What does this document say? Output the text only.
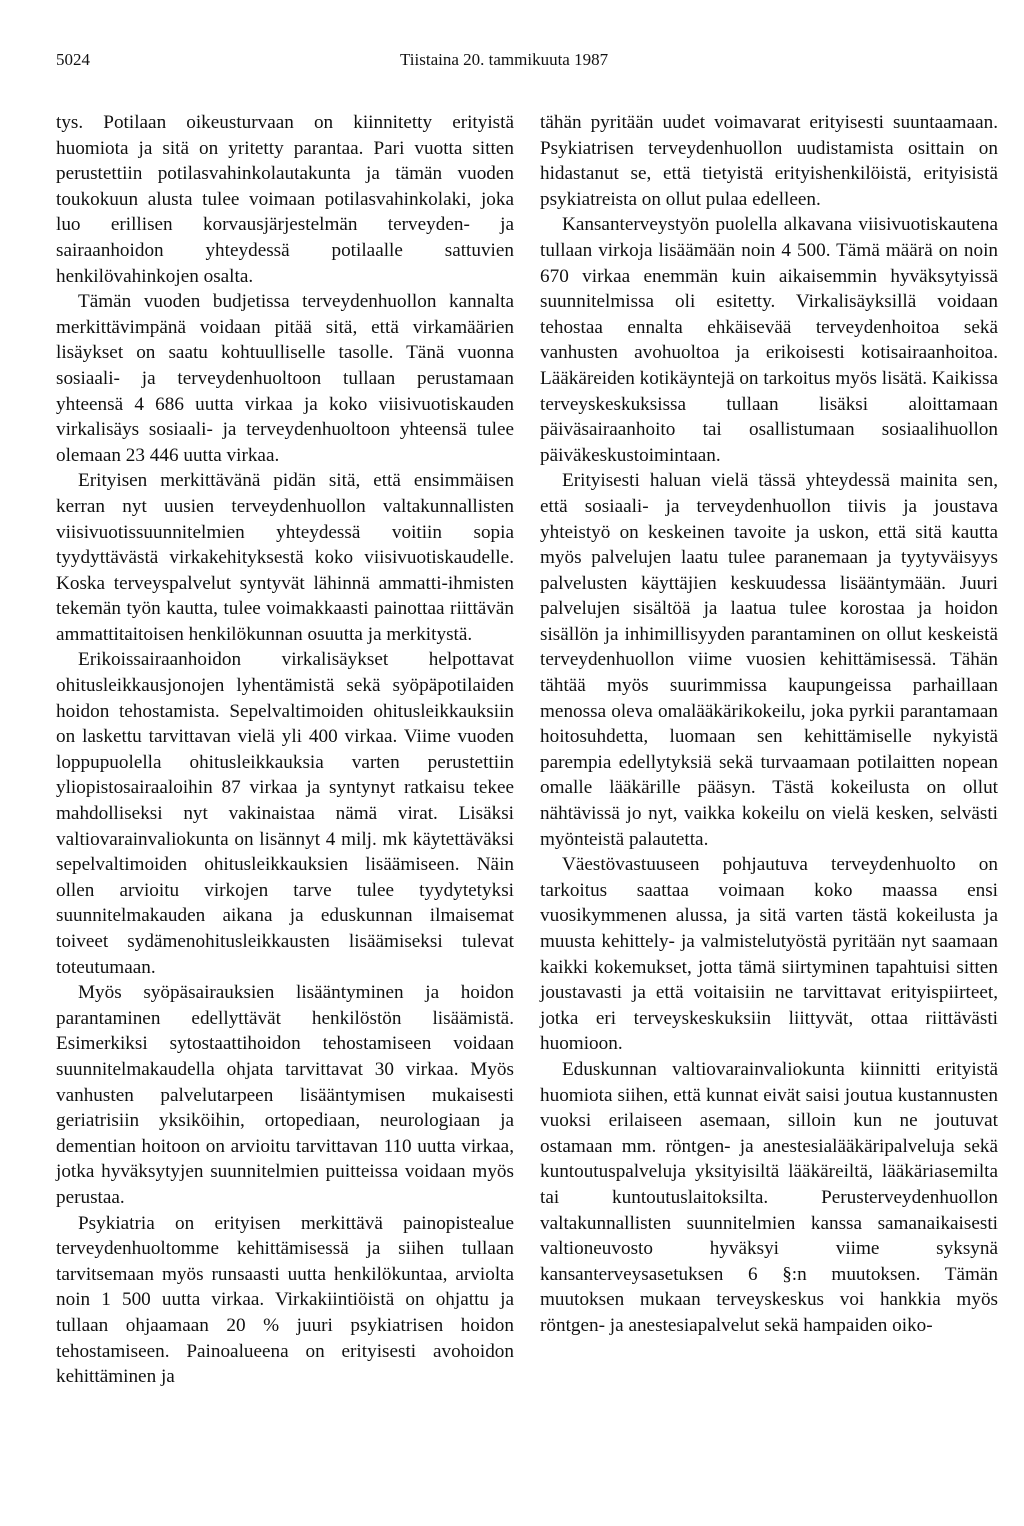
5024	Tiistaina 20. tammikuuta 1987

tys. Potilaan oikeusturvaan on kiinnitetty erityistä huomiota ja sitä on yritetty parantaa. Pari vuotta sitten perustettiin potilasvahinkolautakunta ja tämän vuoden toukokuun alusta tulee voimaan potilasvahinkolaki, joka luo erillisen korvausjärjestelmän terveyden- ja sairaanhoidon yhteydessä potilaalle sattuvien henkilövahinkojen osalta.

Tämän vuoden budjetissa terveydenhuollon kannalta merkittävimpänä voidaan pitää sitä, että virkamäärien lisäykset on saatu kohtuulliselle tasolle. Tänä vuonna sosiaali- ja terveydenhuoltoon tullaan perustamaan yhteensä 4 686 uutta virkaa ja koko viisivuotiskauden virkalisäys sosiaali- ja terveydenhuoltoon yhteensä tulee olemaan 23 446 uutta virkaa.

Erityisen merkittävänä pidän sitä, että ensimmäisen kerran nyt uusien terveydenhuollon valtakunnallisten viisivuotissuunnitelmien yhteydessä voitiin sopia tyydyttävästä virkakehityksestä koko viisivuotiskaudelle. Koska terveyspalvelut syntyvät lähinnä ammatti-ihmisten tekemän työn kautta, tulee voimakkaasti painottaa riittävän ammattitaitoisen henkilökunnan osuutta ja merkitystä.

Erikoissairaanhoidon virkalisäykset helpottavat ohitusleikkausjonojen lyhentämistä sekä syöpäpotilaiden hoidon tehostamista. Sepelvaltimoiden ohitusleikkauksiin on laskettu tarvittavan vielä yli 400 virkaa. Viime vuoden loppupuolella ohitusleikkauksia varten perustettiin yliopistosairaaloihin 87 virkaa ja syntynyt ratkaisu tekee mahdolliseksi nyt vakinaistaa nämä virat. Lisäksi valtiovarainvaliokunta on lisännyt 4 milj. mk käytettäväksi sepelvaltimoiden ohitusleikkauksien lisäämiseen. Näin ollen arvioitu virkojen tarve tulee tyydytetyksi suunnitelmakauden aikana ja eduskunnan ilmaisemat toiveet sydämenohitusleikkausten lisäämiseksi tulevat toteutumaan.

Myös syöpäsairauksien lisääntyminen ja hoidon parantaminen edellyttävät henkilöstön lisäämistä. Esimerkiksi sytostaattihoidon tehostamiseen voidaan suunnitelmakaudella ohjata tarvittavat 30 virkaa. Myös vanhusten palvelutarpeen lisääntymisen mukaisesti geriatrisiin yksiköihin, ortopediaan, neurologiaan ja dementian hoitoon on arvioitu tarvittavan 110 uutta virkaa, jotka hyväksytyjen suunnitelmien puitteissa voidaan myös perustaa.

Psykiatria on erityisen merkittävä painopistealue terveydenhuoltomme kehittämisessä ja siihen tullaan tarvitsemaan myös runsaasti uutta henkilökuntaa, arviolta noin 1 500 uutta virkaa. Virkakiintiöistä on ohjattu ja tullaan ohjaamaan 20 % juuri psykiatrisen hoidon tehostamiseen. Painoalueena on erityisesti avohoidon kehittäminen ja

tähän pyritään uudet voimavarat erityisesti suuntaamaan. Psykiatrisen terveydenhuollon uudistamista osittain on hidastanut se, että tietyistä erityishenkilöistä, erityisistä psykiatreista on ollut pulaa edelleen.

Kansanterveystyön puolella alkavana viisivuotiskautena tullaan virkoja lisäämään noin 4 500. Tämä määrä on noin 670 virkaa enemmän kuin aikaisemmin hyväksytyissä suunnitelmissa oli esitetty. Virkalisäyksillä voidaan tehostaa ennalta ehkäisevää terveydenhoitoa sekä vanhusten avohuoltoa ja erikoisesti kotisairaanhoitoa. Lääkäreiden kotikäyntejä on tarkoitus myös lisätä. Kaikissa terveyskeskuksissa tullaan lisäksi aloittamaan päiväsairaanhoito tai osallistumaan sosiaalihuollon päiväkeskustoimintaan.

Erityisesti haluan vielä tässä yhteydessä mainita sen, että sosiaali- ja terveydenhuollon tiivis ja joustava yhteistyö on keskeinen tavoite ja uskon, että sitä kautta myös palvelujen laatu tulee paranemaan ja tyytyväisyys palvelusten käyttäjien keskuudessa lisääntymään. Juuri palvelujen sisältöä ja laatua tulee korostaa ja hoidon sisällön ja inhimillisyyden parantaminen on ollut keskeistä terveydenhuollon viime vuosien kehittämisessä. Tähän tähtää myös suurimmissa kaupungeissa parhaillaan menossa oleva omalääkärikokeilu, joka pyrkii parantamaan hoitosuhdetta, luomaan sen kehittämiselle nykyistä parempia edellytyksiä sekä turvaamaan potilaitten nopean omalle lääkärille pääsyn. Tästä kokeilusta on ollut nähtävissä jo nyt, vaikka kokeilu on vielä kesken, selvästi myönteistä palautetta.

Väestövastuuseen pohjautuva terveydenhuolto on tarkoitus saattaa voimaan koko maassa ensi vuosikymmenen alussa, ja sitä varten tästä kokeilusta ja muusta kehittely- ja valmistelutyöstä pyritään nyt saamaan kaikki kokemukset, jotta tämä siirtyminen tapahtuisi sitten joustavasti ja että voitaisiin ne tarvittavat erityispiirteet, jotka eri terveyskeskuksiin liittyvät, ottaa riittävästi huomioon.

Eduskunnan valtiovarainvaliokunta kiinnitti erityistä huomiota siihen, että kunnat eivät saisi joutua kustannusten vuoksi erilaiseen asemaan, silloin kun ne joutuvat ostamaan mm. röntgen- ja anestesialääkäripalveluja sekä kuntoutuspalveluja yksityisiltä lääkäreiltä, lääkäriasemilta tai kuntoutuslaitoksilta. Perusterveydenhuollon valtakunnallisten suunnitelmien kanssa samanaikaisesti valtioneuvosto hyväksyi viime syksynä kansanterveysasetuksen 6 §:n muutoksen. Tämän muutoksen mukaan terveyskeskus voi hankkia myös röntgen- ja anestesiapalvelut sekä hampaiden oiko-
